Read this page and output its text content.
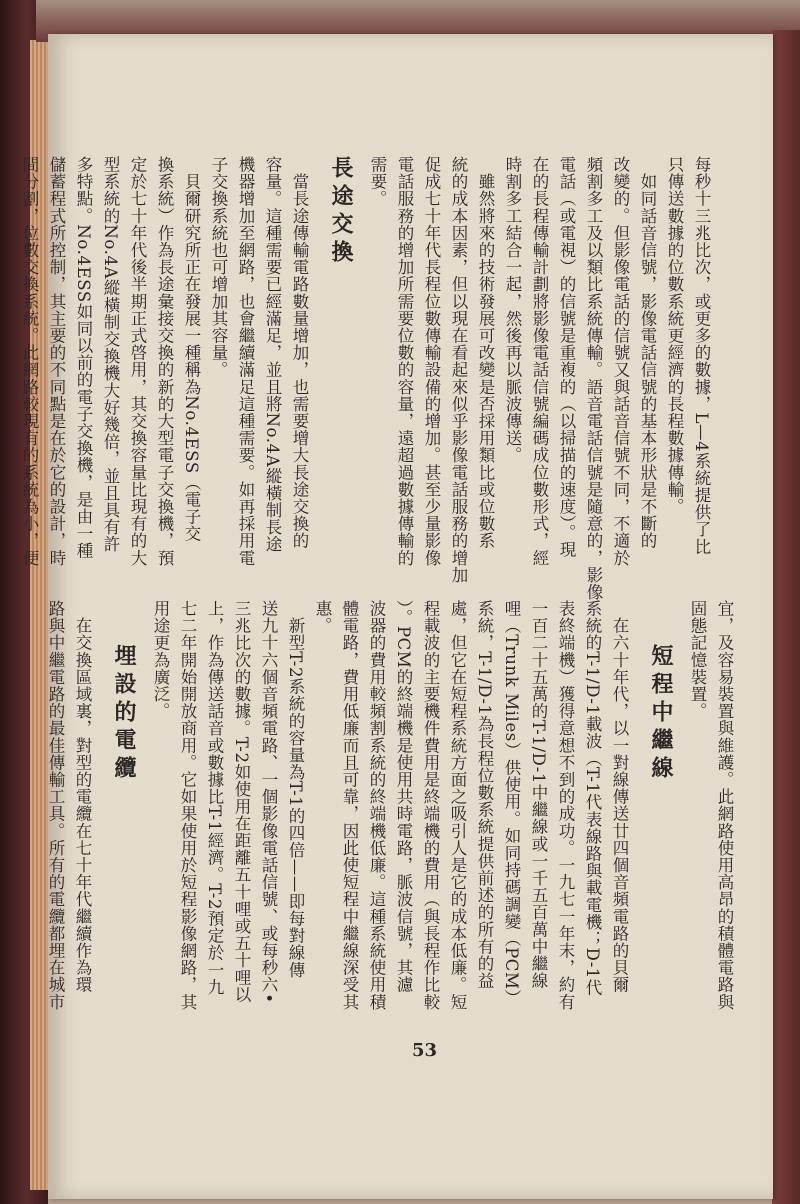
每秒十三兆比次，或更多的數據，L—4系統提供了比

只傳送數據的位數系統更經濟的長程數據傳輸。

　如同話音信號，影像電話信號的基本形狀是不斷的

改變的。但影像電話的信號又與話音信號不同，不適於

頻割多工及以類比系統傳輸。語音電話信號是隨意的，影像

電話（或電視）的信號是重複的（以掃描的速度）。現

在的長程傳輸計劃將影像電話信號編碼成位數形式，經

時割多工結合一起，然後再以脈波傳送。

　雖然將來的技術發展可改變是否採用類比或位數系

統的成本因素，但以現在看起來似乎影像電話服務的增加

促成七十年代長程位數傳輸設備的增加。甚至少量影像

電話服務的增加所需要位數的容量，遠超過數據傳輸的

需要。

長途交換

　當長途傳輸電路數量增加，也需要增大長途交換的

容量。這種需要已經滿足，並且將No.4A縱橫制長途

機器增加至網路，也會繼續滿足這種需要。如再採用電

子交換系統也可增加其容量。

　貝爾研究所正在發展一種稱為No.4ESS（電子交

換系統）作為長途彙接交換的新的大型電子交換機，預

定於七十年代後半期正式啓用，其交換容量比現有的大

型系統的No.4A縱橫制交換機大好幾倍，並且具有許

多特點。No.4ESS如同以前的電子交換機，是由一種

儲蓄程式所控制，其主要的不同點是在於它的設計，時

間分割，位數交換系統。此網路較現有的系統為小，便

宜，及容易裝置與維護。此網路使用高昂的積體電路與

固態記憶裝置。

短程中繼線

　在六十年代，以一對線傳送廿四個音頻電路的貝爾

系統的T-1/D-1載波（T-1代表線路與載電機；D-1代

表終端機）獲得意想不到的成功。一九七一年末，約有

一百二十五萬的T-1/D-1中繼線或一千五百萬中繼線

哩（Trunk Miles）供使用。如同持碼調變（PCM）

系統，T-1/D-1為長程位數系統提供前述的所有的益

處，但它在短程系統方面之吸引人是它的成本低廉。短

程載波的主要機件費用是終端機的費用（與長程作比較

）。PCM的終端機是使用共時電路，脈波信號，其濾

波器的費用較頻割系統的終端機低廉。這種系統使用積

體電路，費用低廉而且可靠，因此使短程中繼線深受其

惠。

　新型T-2系統的容量為T-1的四倍——即每對線傳

送九十六個音頻電路、一個影像電話信號、或每秒六•

三兆比次的數據。T-2如使用在距離五十哩或五十哩以

上，作為傳送話音或數據比T-1經濟。T-2預定於一九

七二年開始開放商用。它如果使用於短程影像網路，其

用途更為廣泛。

埋設的電纜

　在交換區域裏，對型的電纜在七十年代繼續作為環

路與中繼電路的最佳傳輸工具。所有的電纜都埋在城市

53
